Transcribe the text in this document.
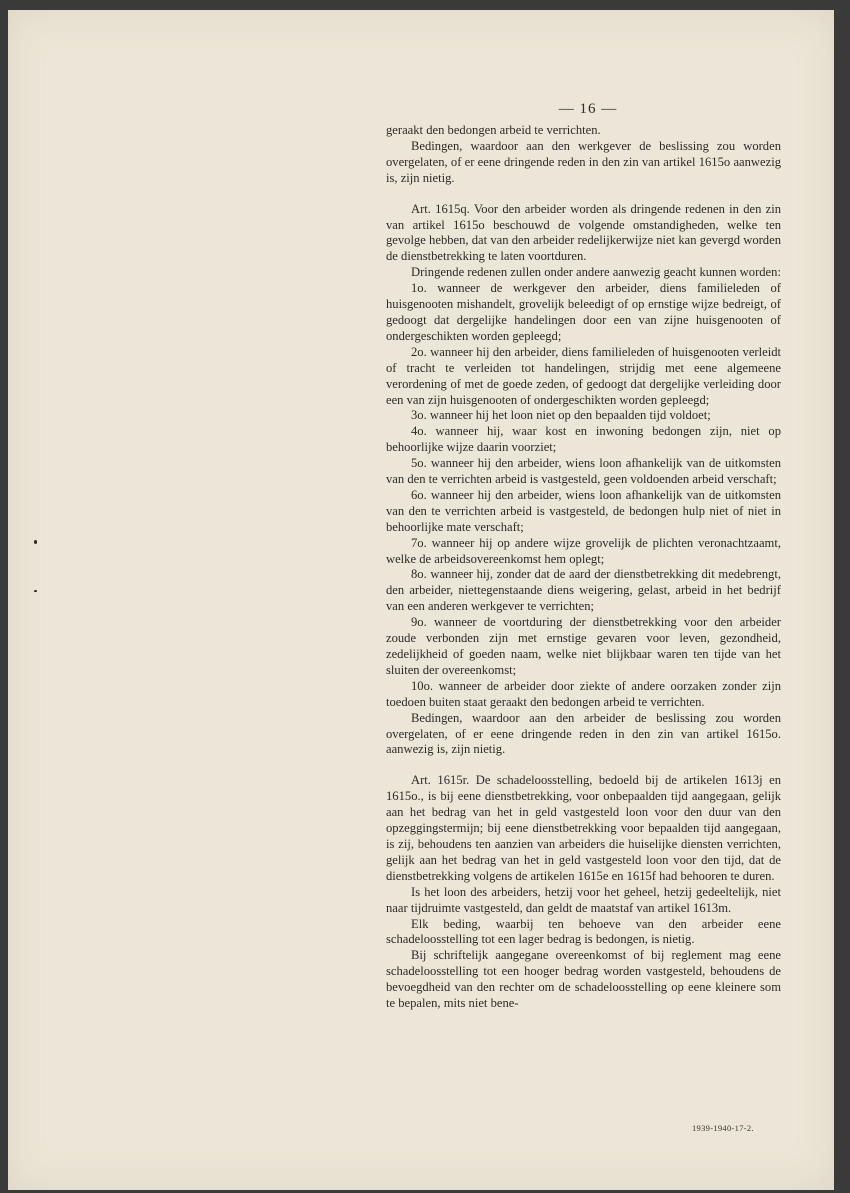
— 16 —

geraakt den bedongen arbeid te verrichten.

Bedingen, waardoor aan den werkgever de beslissing zou worden overgelaten, of er eene dringende reden in den zin van artikel 1615o aanwezig is, zijn nietig.

Art. 1615q. Voor den arbeider worden als dringende redenen in den zin van artikel 1615o beschouwd de volgende omstandigheden, welke ten gevolge hebben, dat van den arbeider redelijkerwijze niet kan gevergd worden de dienstbetrekking te laten voortduren.

Dringende redenen zullen onder andere aanwezig geacht kunnen worden:

1o. wanneer de werkgever den arbeider, diens familieleden of huisgenooten mishandelt, grovelijk beleedigt of op ernstige wijze bedreigt, of gedoogt dat dergelijke handelingen door een van zijne huisgenooten of ondergeschikten worden gepleegd;

2o. wanneer hij den arbeider, diens familieleden of huisgenooten verleidt of tracht te verleiden tot handelingen, strijdig met eene algemeene verordening of met de goede zeden, of gedoogt dat dergelijke verleiding door een van zijn huisgenooten of ondergeschikten worden gepleegd;

3o. wanneer hij het loon niet op den bepaalden tijd voldoet;

4o. wanneer hij, waar kost en inwoning bedongen zijn, niet op behoorlijke wijze daarin voorziet;

5o. wanneer hij den arbeider, wiens loon afhankelijk van de uitkomsten van den te verrichten arbeid is vastgesteld, geen voldoenden arbeid verschaft;

6o. wanneer hij den arbeider, wiens loon afhankelijk van de uitkomsten van den te verrichten arbeid is vastgesteld, de bedongen hulp niet of niet in behoorlijke mate verschaft;

7o. wanneer hij op andere wijze grovelijk de plichten veronachtzaamt, welke de arbeidsovereenkomst hem oplegt;

8o. wanneer hij, zonder dat de aard der dienstbetrekking dit medebrengt, den arbeider, niettegenstaande diens weigering, gelast, arbeid in het bedrijf van een anderen werkgever te verrichten;

9o. wanneer de voortduring der dienstbetrekking voor den arbeider zoude verbonden zijn met ernstige gevaren voor leven, gezondheid, zedelijkheid of goeden naam, welke niet blijkbaar waren ten tijde van het sluiten der overeenkomst;

10o. wanneer de arbeider door ziekte of andere oorzaken zonder zijn toedoen buiten staat geraakt den bedongen arbeid te verrichten.

Bedingen, waardoor aan den arbeider de beslissing zou worden overgelaten, of er eene dringende reden in den zin van artikel 1615o. aanwezig is, zijn nietig.

Art. 1615r. De schadeloosstelling, bedoeld bij de artikelen 1613j en 1615o., is bij eene dienstbetrekking, voor onbepaalden tijd aangegaan, gelijk aan het bedrag van het in geld vastgesteld loon voor den duur van den opzeggingstermijn; bij eene dienstbetrekking voor bepaalden tijd aangegaan, is zij, behoudens ten aanzien van arbeiders die huiselijke diensten verrichten, gelijk aan het bedrag van het in geld vastgesteld loon voor den tijd, dat de dienstbetrekking volgens de artikelen 1615e en 1615f had behooren te duren.

Is het loon des arbeiders, hetzij voor het geheel, hetzij gedeeltelijk, niet naar tijdruimte vastgesteld, dan geldt de maatstaf van artikel 1613m.

Elk beding, waarbij ten behoeve van den arbeider eene schadeloosstelling tot een lager bedrag is bedongen, is nietig.

Bij schriftelijk aangegane overeenkomst of bij reglement mag eene schadeloosstelling tot een hooger bedrag worden vastgesteld, behoudens de bevoegdheid van den rechter om de schadeloosstelling op eene kleinere som te bepalen, mits niet bene-

1939-1940-17-2.
